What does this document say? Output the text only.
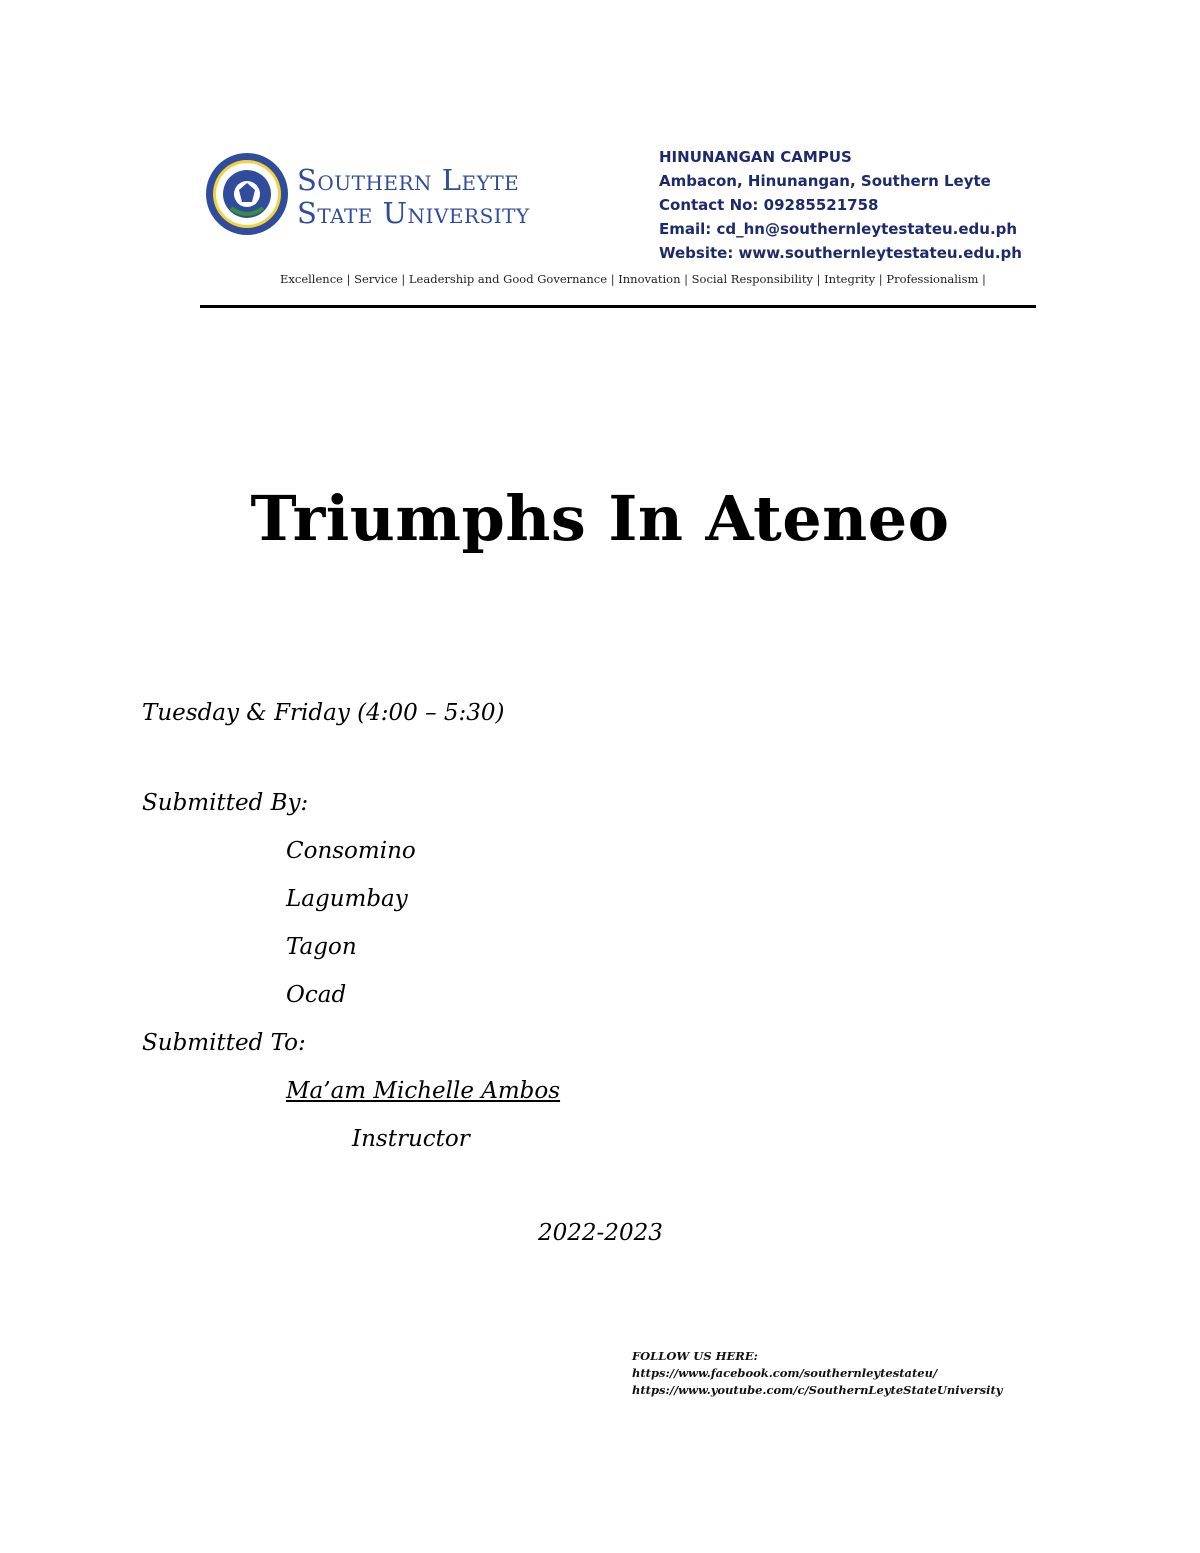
Southern Leyte
State University
HINUNANGAN CAMPUS
Ambacon, Hinunangan, Southern Leyte
Contact No: 09285521758
Email: cd_hn@southernleytestateu.edu.ph
Website: www.southernleytestateu.edu.ph
Excellence | Service | Leadership and Good Governance | Innovation | Social Responsibility | Integrity | Professionalism |
Triumphs In Ateneo
Tuesday & Friday (4:00 – 5:30)
Submitted By:
Consomino
Lagumbay
Tagon
Ocad
Submitted To:
Ma’am Michelle Ambos
Instructor
2022-2023
FOLLOW US HERE:
https://www.facebook.com/southernleytestateu/
https://www.youtube.com/c/SouthernLeyteStateUniversity
